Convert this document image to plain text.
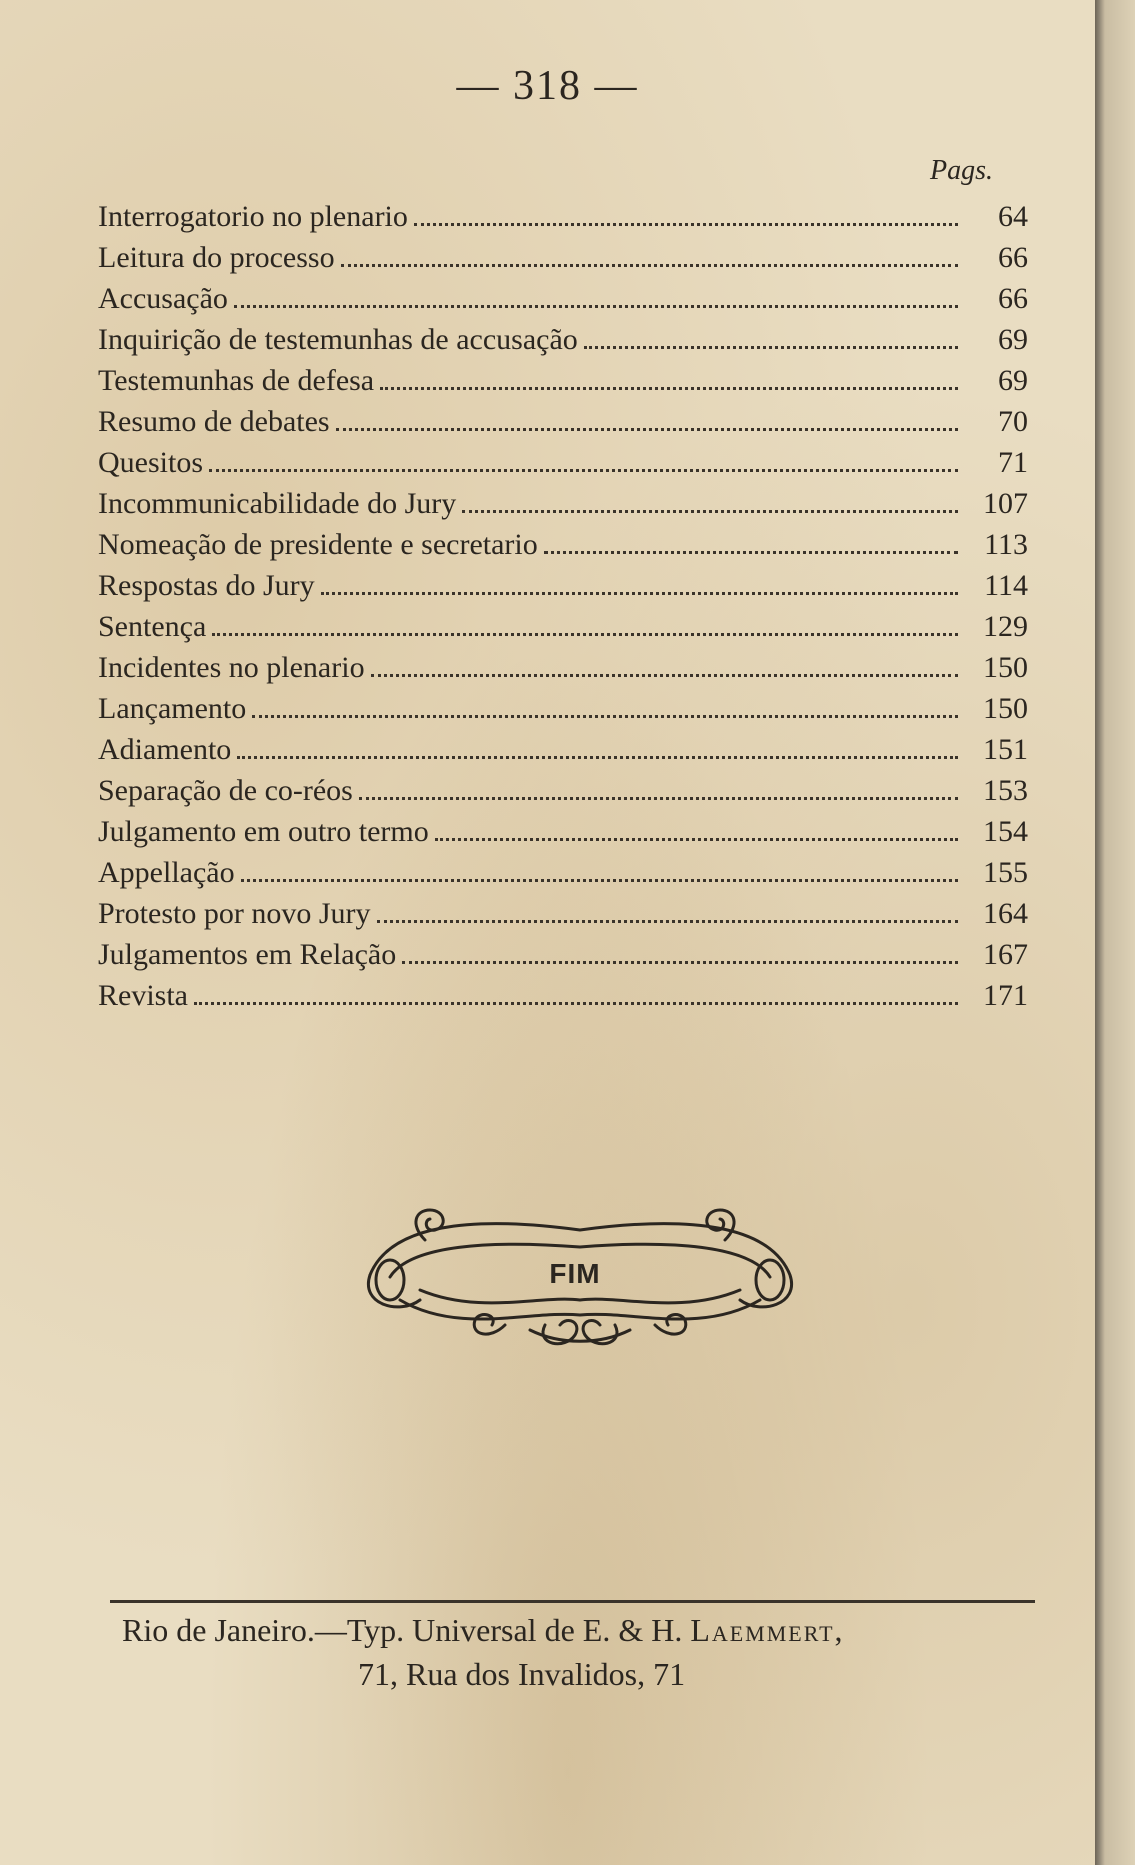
— 318 —
Pags.
Interrogatorio no plenario	64
Leitura do processo	66
Accusação	66
Inquirição de testemunhas de accusação	69
Testemunhas de defesa	69
Resumo de debates	70
Quesitos	71
Incommunicabilidade do Jury	107
Nomeação de presidente e secretario	113
Respostas do Jury	114
Sentença	129
Incidentes no plenario	150
Lançamento	150
Adiamento	151
Separação de co-réos	153
Julgamento em outro termo	154
Appellação	155
Protesto por novo Jury	164
Julgamentos em Relação	167
Revista	171
FIM
Rio de Janeiro.—Typ. Universal de E. & H. Laemmert,
71, Rua dos Invalidos, 71
